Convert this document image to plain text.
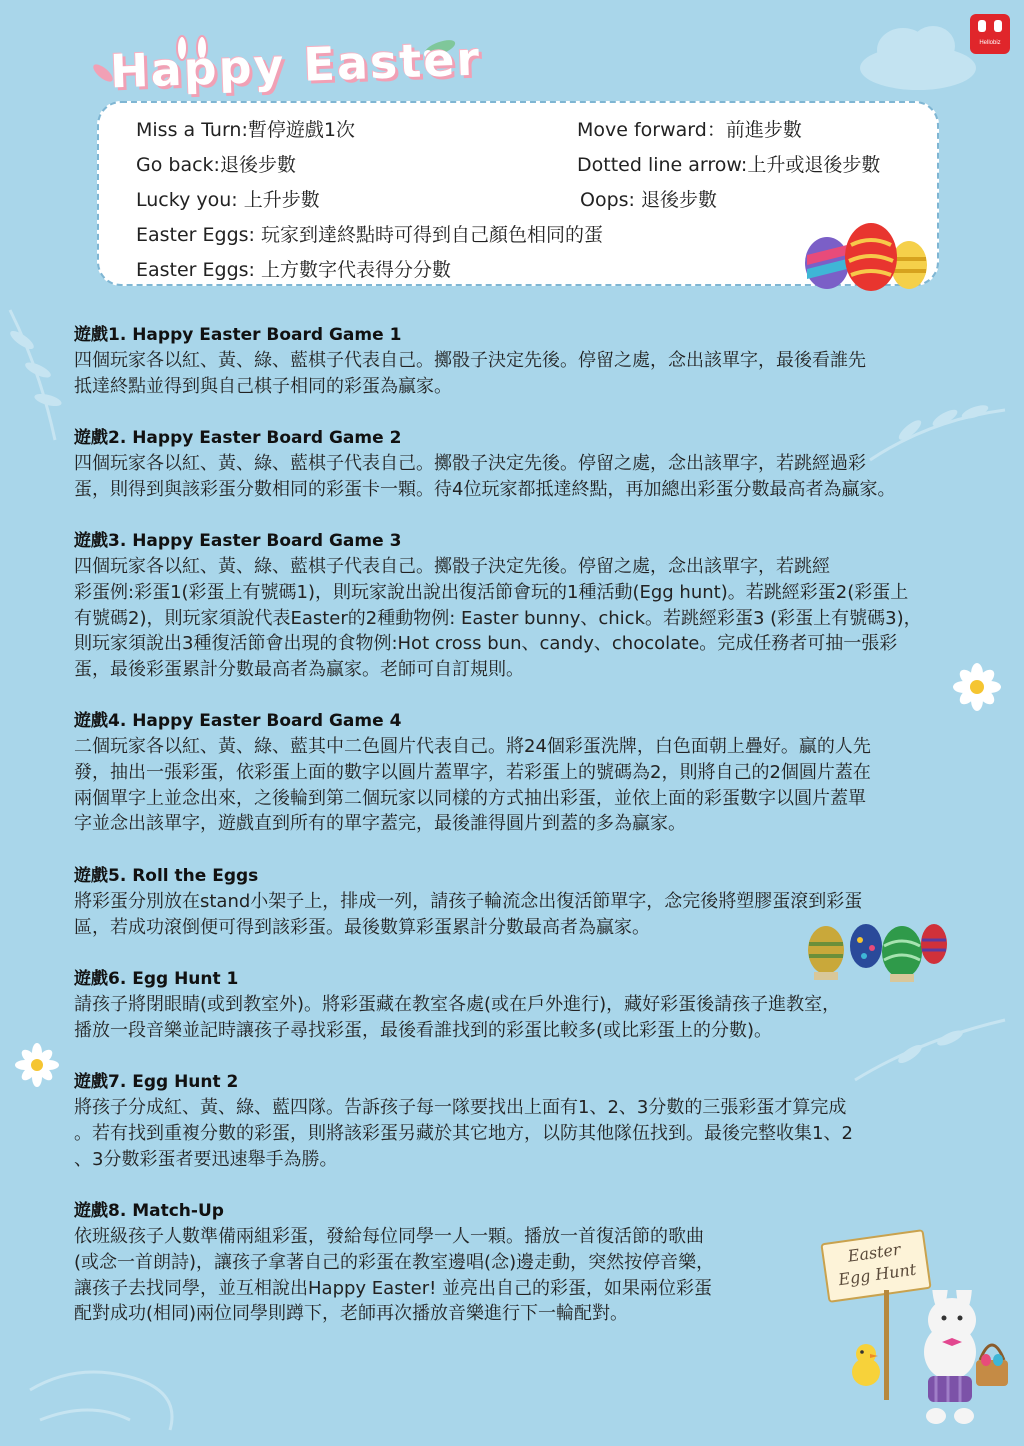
Hellobiz
Happy Easter
Miss a Turn:暫停遊戲1次	Move forward：前進步數
Go back:退後步數	Dotted line arrow:上升或退後步數
Lucky you: 上升步數	Oops: 退後步數
Easter Eggs: 玩家到達終點時可得到自己顏色相同的蛋
Easter Eggs: 上方數字代表得分分數
遊戲1. Happy Easter Board Game 1

四個玩家各以紅、黃、綠、藍棋子代表自己。擲骰子決定先後。停留之處，念出該單字，最後看誰先

抵達終點並得到與自己棋子相同的彩蛋為贏家。

遊戲2. Happy Easter Board Game 2

四個玩家各以紅、黃、綠、藍棋子代表自己。擲骰子決定先後。停留之處，念出該單字，若跳經過彩

蛋，則得到與該彩蛋分數相同的彩蛋卡一顆。待4位玩家都抵達終點，再加總出彩蛋分數最高者為贏家。

遊戲3. Happy Easter Board Game 3

四個玩家各以紅、黃、綠、藍棋子代表自己。擲骰子決定先後。停留之處，念出該單字，若跳經

彩蛋例:彩蛋1(彩蛋上有號碼1)，則玩家說出說出復活節會玩的1種活動(Egg hunt)。若跳經彩蛋2(彩蛋上

有號碼2)，則玩家須說代表Easter的2種動物例: Easter bunny、chick。若跳經彩蛋3 (彩蛋上有號碼3)，

則玩家須說出3種復活節會出現的食物例:Hot cross bun、candy、chocolate。完成任務者可抽一張彩

蛋，最後彩蛋累計分數最高者為贏家。老師可自訂規則。

遊戲4. Happy Easter Board Game 4

二個玩家各以紅、黃、綠、藍其中二色圓片代表自己。將24個彩蛋洗牌，白色面朝上疊好。贏的人先

發，抽出一張彩蛋，依彩蛋上面的數字以圓片蓋單字，若彩蛋上的號碼為2，則將自己的2個圓片蓋在

兩個單字上並念出來，之後輪到第二個玩家以同樣的方式抽出彩蛋，並依上面的彩蛋數字以圓片蓋單

字並念出該單字，遊戲直到所有的單字蓋完，最後誰得圓片到蓋的多為贏家。

遊戲5. Roll the Eggs

將彩蛋分別放在stand小架子上，排成一列，請孩子輪流念出復活節單字，念完後將塑膠蛋滾到彩蛋

區，若成功滾倒便可得到該彩蛋。最後數算彩蛋累計分數最高者為贏家。

遊戲6. Egg Hunt 1

請孩子將閉眼睛(或到教室外)。將彩蛋藏在教室各處(或在戶外進行)，藏好彩蛋後請孩子進教室，

播放一段音樂並記時讓孩子尋找彩蛋，最後看誰找到的彩蛋比較多(或比彩蛋上的分數)。

遊戲7. Egg Hunt 2

將孩子分成紅、黃、綠、藍四隊。告訴孩子每一隊要找出上面有1、2、3分數的三張彩蛋才算完成

。若有找到重複分數的彩蛋，則將該彩蛋另藏於其它地方，以防其他隊伍找到。最後完整收集1、2

、3分數彩蛋者要迅速舉手為勝。

遊戲8. Match-Up

依班級孩子人數準備兩組彩蛋，發給每位同學一人一顆。播放一首復活節的歌曲

(或念一首朗詩)，讓孩子拿著自己的彩蛋在教室邊唱(念)邊走動，突然按停音樂，

讓孩子去找同學，並互相說出Happy Easter! 並亮出自己的彩蛋，如果兩位彩蛋

配對成功(相同)兩位同學則蹲下，老師再次播放音樂進行下一輪配對。

Easter
Egg Hunt
